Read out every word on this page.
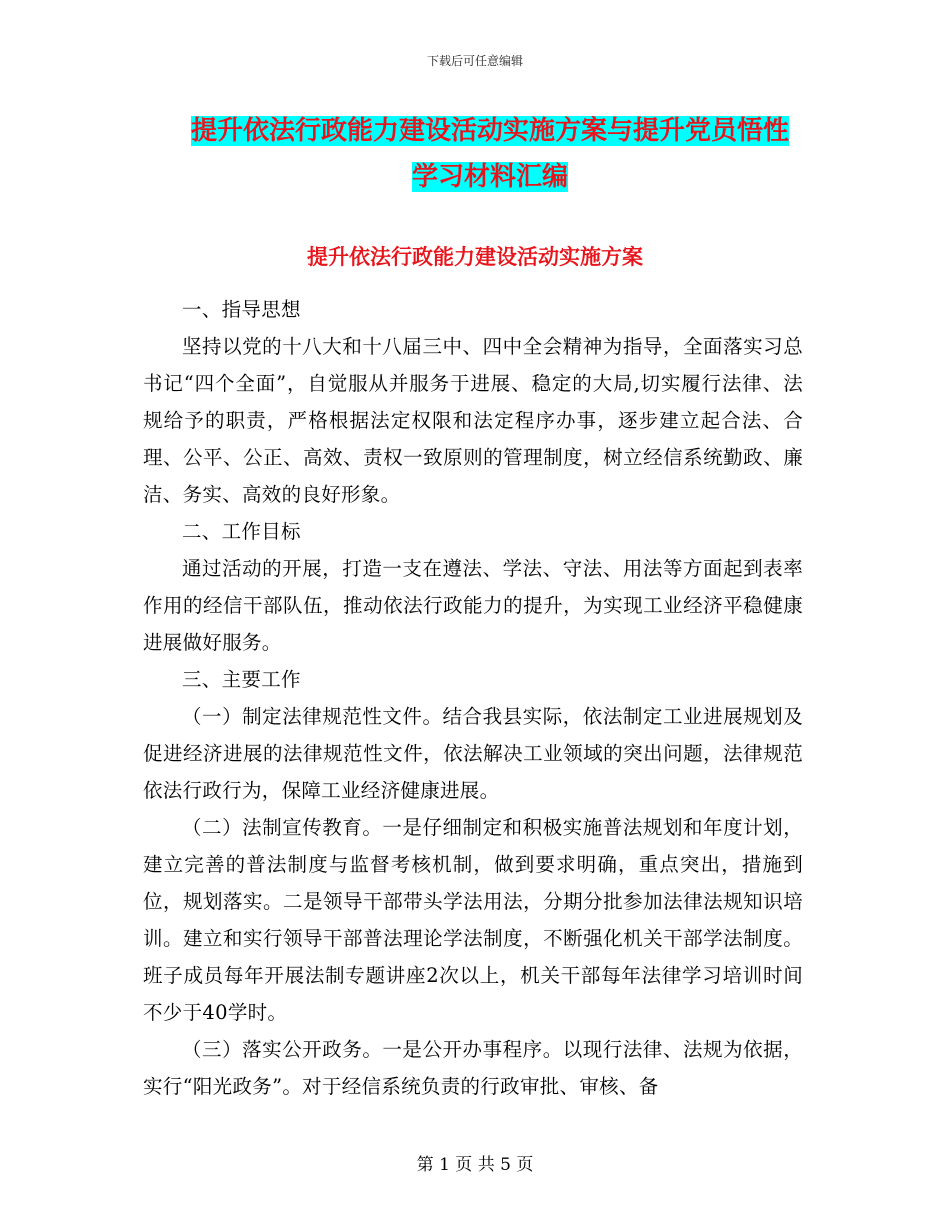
下载后可任意编辑
提升依法行政能力建设活动实施方案与提升党员悟性
学习材料汇编
提升依法行政能力建设活动实施方案

一、指导思想

坚持以党的十八大和十八届三中、四中全会精神为指导，全面落实习总书记“四个全面”，自觉服从并服务于进展、稳定的大局,切实履行法律、法规给予的职责，严格根据法定权限和法定程序办事，逐步建立起合法、合理、公平、公正、高效、责权一致原则的管理制度，树立经信系统勤政、廉洁、务实、高效的良好形象。

二、工作目标

通过活动的开展，打造一支在遵法、学法、守法、用法等方面起到表率作用的经信干部队伍，推动依法行政能力的提升，为实现工业经济平稳健康进展做好服务。

三、主要工作

（一）制定法律规范性文件。结合我县实际，依法制定工业进展规划及促进经济进展的法律规范性文件，依法解决工业领域的突出问题，法律规范依法行政行为，保障工业经济健康进展。

（二）法制宣传教育。一是仔细制定和积极实施普法规划和年度计划，建立完善的普法制度与监督考核机制，做到要求明确，重点突出，措施到位，规划落实。二是领导干部带头学法用法，分期分批参加法律法规知识培训。建立和实行领导干部普法理论学法制度，不断强化机关干部学法制度。班子成员每年开展法制专题讲座2次以上，机关干部每年法律学习培训时间不少于40学时。

（三）落实公开政务。一是公开办事程序。以现行法律、法规为依据，实行“阳光政务”。对于经信系统负责的行政审批、审核、备

第 1 页 共 5 页
